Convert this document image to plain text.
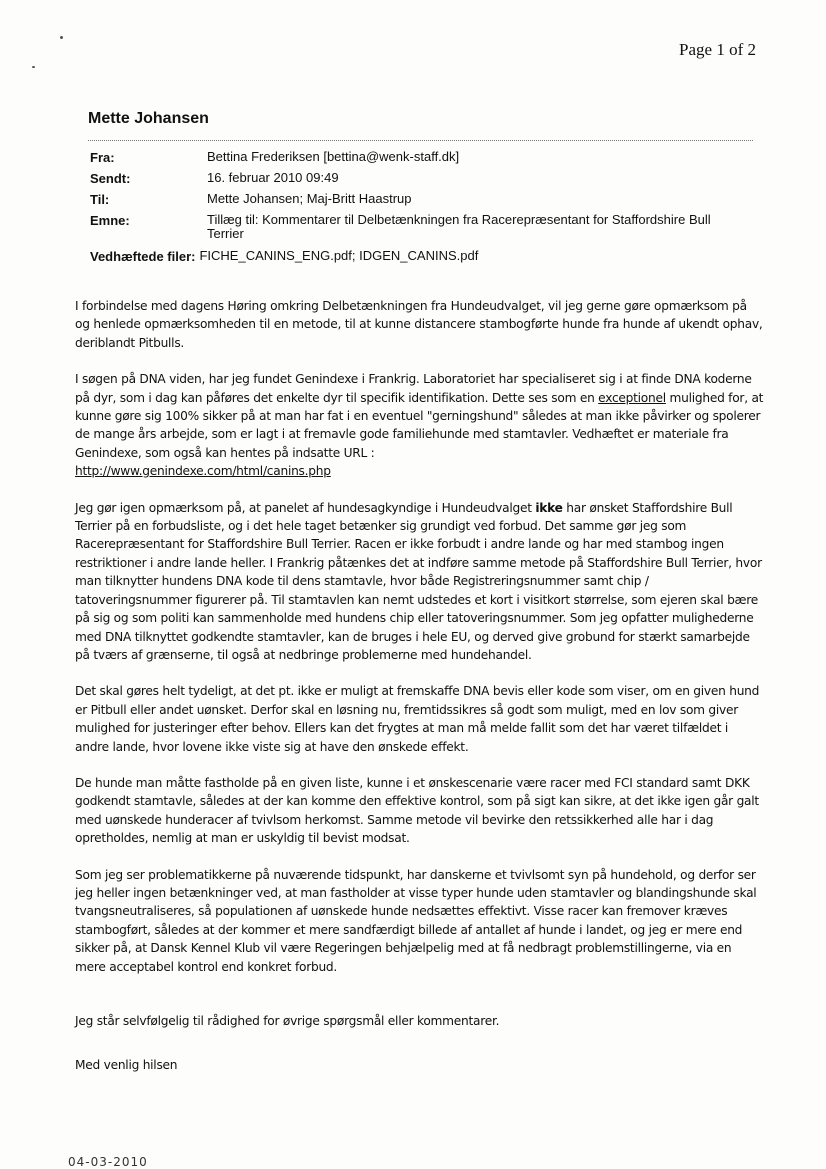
Page 1 of 2
Mette Johansen
Fra:	Bettina Frederiksen [bettina@wenk-staff.dk]
Sendt:	16. februar 2010 09:49
Til:	Mette Johansen; Maj-Britt Haastrup
Emne:	Tillæg til: Kommentarer til Delbetænkningen fra Racerepræsentant for Staffordshire Bull Terrier
Vedhæftede filer: FICHE_CANINS_ENG.pdf; IDGEN_CANINS.pdf

I forbindelse med dagens Høring omkring Delbetænkningen fra Hundeudvalget, vil jeg gerne gøre opmærksom på og henlede opmærksomheden til en metode, til at kunne distancere stambogførte hunde fra hunde af ukendt ophav, deriblandt Pitbulls.

I søgen på DNA viden, har jeg fundet Genindexe i Frankrig. Laboratoriet har specialiseret sig i at finde DNA koderne på dyr, som i dag kan påføres det enkelte dyr til specifik identifikation. Dette ses som en exceptionel mulighed for, at kunne gøre sig 100% sikker på at man har fat i en eventuel "gerningshund" således at man ikke påvirker og spolerer de mange års arbejde, som er lagt i at fremavle gode familiehunde med stamtavler. Vedhæftet er materiale fra Genindexe, som også kan hentes på indsatte URL :
http://www.genindexe.com/html/canins.php

Jeg gør igen opmærksom på, at panelet af hundesagkyndige i Hundeudvalget ikke har ønsket Staffordshire Bull Terrier på en forbudsliste, og i det hele taget betænker sig grundigt ved forbud. Det samme gør jeg som Racerepræsentant for Staffordshire Bull Terrier. Racen er ikke forbudt i andre lande og har med stambog ingen restriktioner i andre lande heller. I Frankrig påtænkes det at indføre samme metode på Staffordshire Bull Terrier, hvor man tilknytter hundens DNA kode til dens stamtavle, hvor både Registreringsnummer samt chip / tatoveringsnummer figurerer på. Til stamtavlen kan nemt udstedes et kort i visitkort størrelse, som ejeren skal bære på sig og som politi kan sammenholde med hundens chip eller tatoveringsnummer. Som jeg opfatter mulighederne med DNA tilknyttet godkendte stamtavler, kan de bruges i hele EU, og derved give grobund for stærkt samarbejde på tværs af grænserne, til også at nedbringe problemerne med hundehandel.

Det skal gøres helt tydeligt, at det pt. ikke er muligt at fremskaffe DNA bevis eller kode som viser, om en given hund er Pitbull eller andet uønsket. Derfor skal en løsning nu, fremtidssikres så godt som muligt, med en lov som giver mulighed for justeringer efter behov. Ellers kan det frygtes at man må melde fallit som det har været tilfældet i andre lande, hvor lovene ikke viste sig at have den ønskede effekt.

De hunde man måtte fastholde på en given liste, kunne i et ønskescenarie være racer med FCI standard samt DKK godkendt stamtavle, således at der kan komme den effektive kontrol, som på sigt kan sikre, at det ikke igen går galt med uønskede hunderacer af tvivlsom herkomst. Samme metode vil bevirke den retssikkerhed alle har i dag opretholdes, nemlig at man er uskyldig til bevist modsat.

Som jeg ser problematikkerne på nuværende tidspunkt, har danskerne et tvivlsomt syn på hundehold, og derfor ser jeg heller ingen betænkninger ved, at man fastholder at visse typer hunde uden stamtavler og blandingshunde skal tvangsneutraliseres, så populationen af uønskede hunde nedsættes effektivt. Visse racer kan fremover kræves stambogført, således at der kommer et mere sandfærdigt billede af antallet af hunde i landet, og jeg er mere end sikker på, at Dansk Kennel Klub vil være Regeringen behjælpelig med at få nedbragt problemstillingerne, via en mere acceptabel kontrol end konkret forbud.

Jeg står selvfølgelig til rådighed for øvrige spørgsmål eller kommentarer.

Med venlig hilsen

04-03-2010
